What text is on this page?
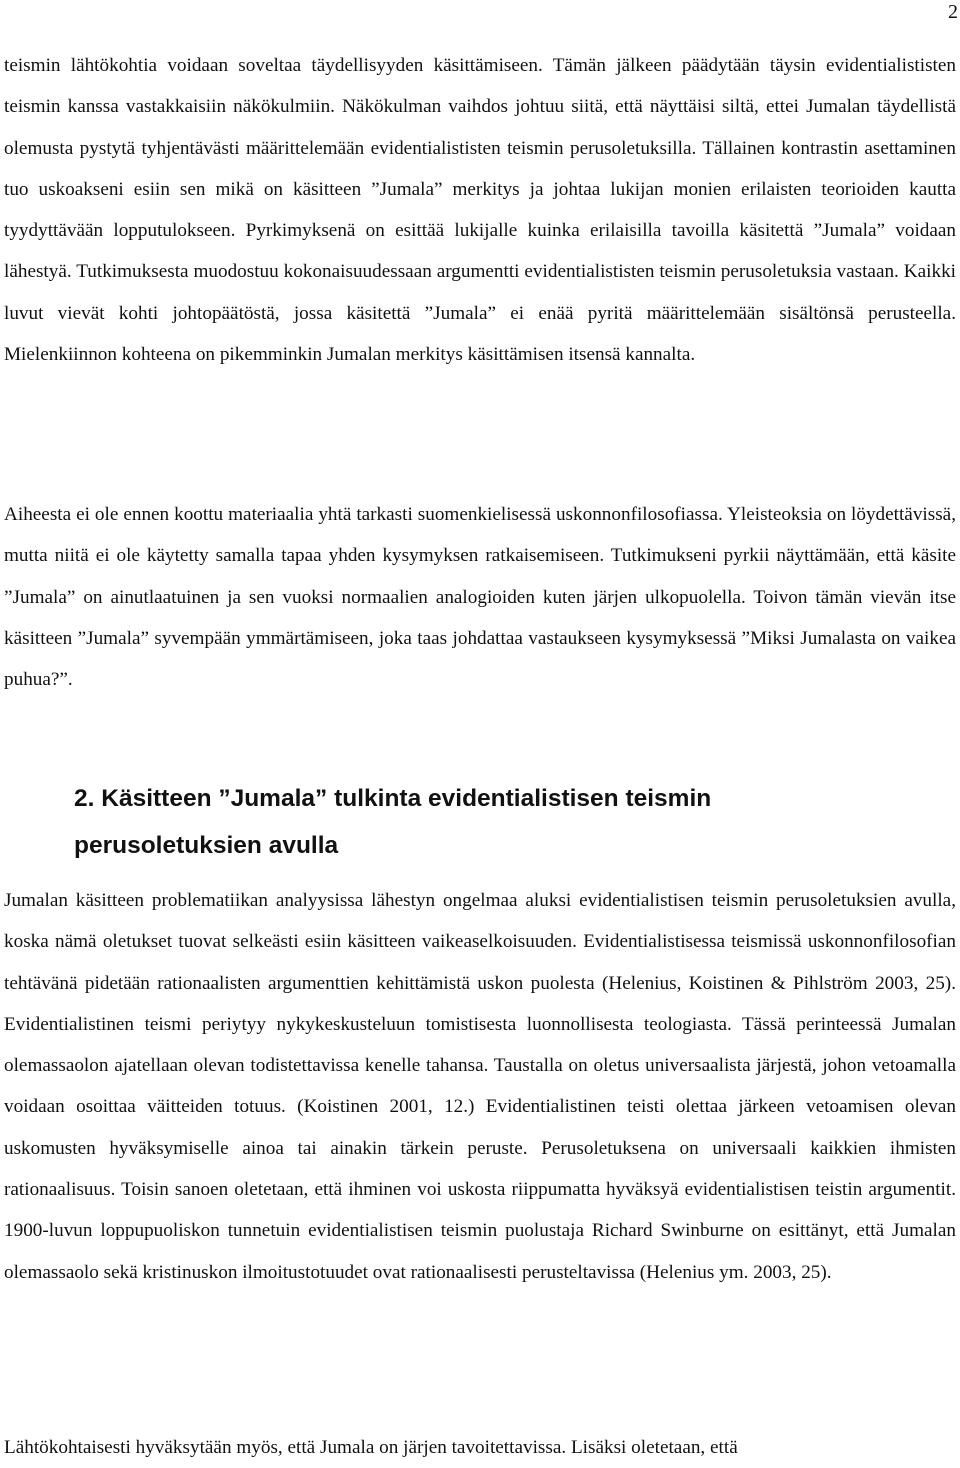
2

teismin lähtökohtia voidaan soveltaa täydellisyyden käsittämiseen. Tämän jälkeen päädytään täysin evidentialististen teismin kanssa vastakkaisiin näkökulmiin. Näkökulman vaihdos johtuu siitä, että näyttäisi siltä, ettei Jumalan täydellistä olemusta pystytä tyhjentävästi määrittelemään evidentialististen teismin perusoletuksilla. Tällainen kontrastin asettaminen tuo uskoakseni esiin sen mikä on käsitteen ”Jumala” merkitys ja johtaa lukijan monien erilaisten teorioiden kautta tyydyttävään lopputulokseen. Pyrkimyksenä on esittää lukijalle kuinka erilaisilla tavoilla käsitettä ”Jumala” voidaan lähestyä. Tutkimuksesta muodostuu kokonaisuudessaan argumentti evidentialististen teismin perusoletuksia vastaan. Kaikki luvut vievät kohti johtopäätöstä, jossa käsitettä ”Jumala” ei enää pyritä määrittelemään sisältönsä perusteella. Mielenkiinnon kohteena on pikemminkin Jumalan merkitys käsittämisen itsensä kannalta.

Aiheesta ei ole ennen koottu materiaalia yhtä tarkasti suomenkielisessä uskonnonfilosofiassa. Yleisteoksia on löydettävissä, mutta niitä ei ole käytetty samalla tapaa yhden kysymyksen ratkaisemiseen. Tutkimukseni pyrkii näyttämään, että käsite ”Jumala” on ainutlaatuinen ja sen vuoksi normaalien analogioiden kuten järjen ulkopuolella. Toivon tämän vievän itse käsitteen ”Jumala” syvempään ymmärtämiseen, joka taas johdattaa vastaukseen kysymyksessä ”Miksi Jumalasta on vaikea puhua?”.

2. Käsitteen ”Jumala” tulkinta evidentialistisen teismin perusoletuksien avulla

Jumalan käsitteen problematiikan analyysissa lähestyn ongelmaa aluksi evidentialistisen teismin perusoletuksien avulla, koska nämä oletukset tuovat selkeästi esiin käsitteen vaikeaselkoisuuden. Evidentialistisessa teismissä uskonnonfilosofian tehtävänä pidetään rationaalisten argumenttien kehittämistä uskon puolesta (Helenius, Koistinen & Pihlström 2003, 25). Evidentialistinen teismi periytyy nykykeskusteluun tomistisesta luonnollisesta teologiasta. Tässä perinteessä Jumalan olemassaolon ajatellaan olevan todistettavissa kenelle tahansa. Taustalla on oletus universaalista järjestä, johon vetoamalla voidaan osoittaa väitteiden totuus. (Koistinen 2001, 12.) Evidentialistinen teisti olettaa järkeen vetoamisen olevan uskomusten hyväksymiselle ainoa tai ainakin tärkein peruste. Perusoletuksena on universaali kaikkien ihmisten rationaalisuus. Toisin sanoen oletetaan, että ihminen voi uskosta riippumatta hyväksyä evidentialistisen teistin argumentit. 1900-luvun loppupuoliskon tunnetuin evidentialistisen teismin puolustaja Richard Swinburne on esittänyt, että Jumalan olemassaolo sekä kristinuskon ilmoitustotuudet ovat rationaalisesti perusteltavissa (Helenius ym. 2003, 25).

Lähtökohtaisesti hyväksytään myös, että Jumala on järjen tavoitettavissa. Lisäksi oletetaan, että
